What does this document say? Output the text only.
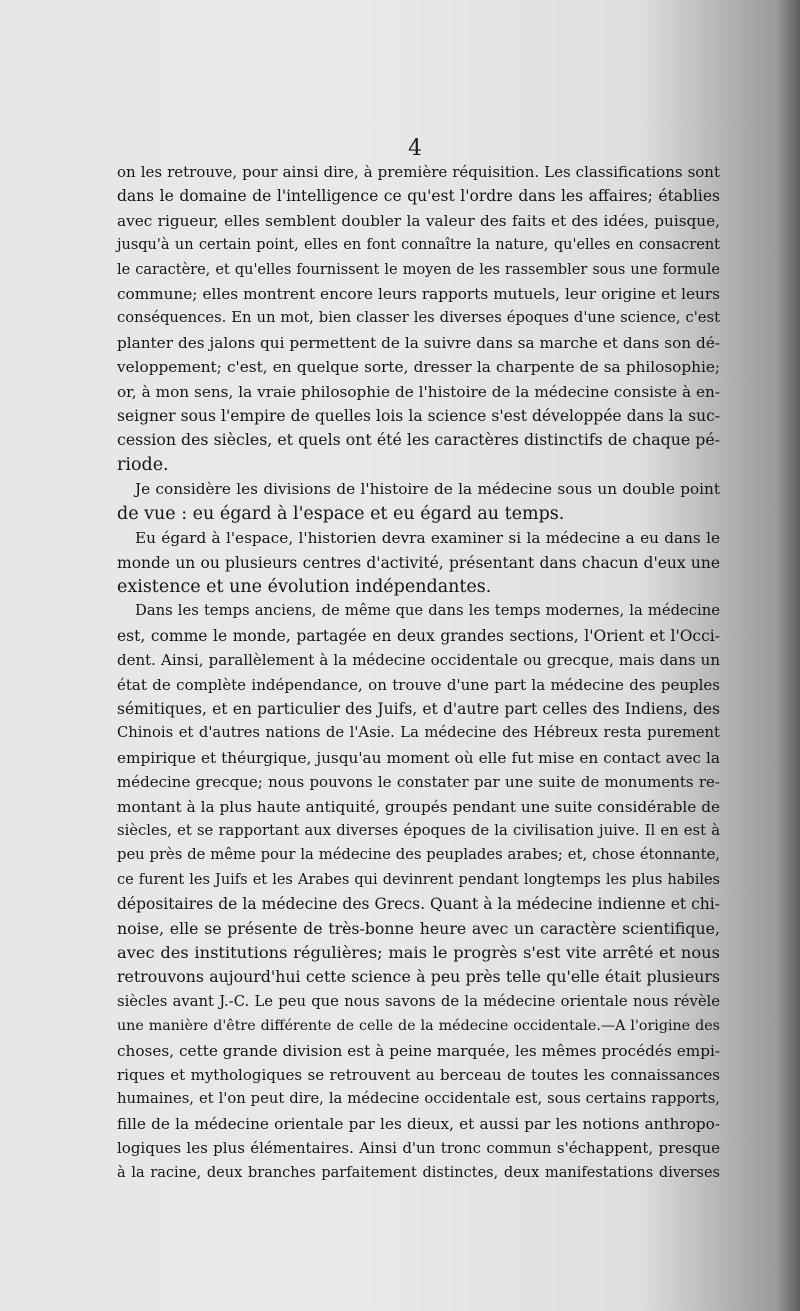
4
on les retrouve, pour ainsi dire, à première réquisition. Les classifications sont
dans le domaine de l'intelligence ce qu'est l'ordre dans les affaires; établies
avec rigueur, elles semblent doubler la valeur des faits et des idées, puisque,
jusqu'à un certain point, elles en font connaître la nature, qu'elles en consacrent
le caractère, et qu'elles fournissent le moyen de les rassembler sous une formule
commune; elles montrent encore leurs rapports mutuels, leur origine et leurs
conséquences. En un mot, bien classer les diverses époques d'une science, c'est
planter des jalons qui permettent de la suivre dans sa marche et dans son dé-
veloppement; c'est, en quelque sorte, dresser la charpente de sa philosophie;
or, à mon sens, la vraie philosophie de l'histoire de la médecine consiste à en-
seigner sous l'empire de quelles lois la science s'est développée dans la suc-
cession des siècles, et quels ont été les caractères distinctifs de chaque pé-
riode.
Je considère les divisions de l'histoire de la médecine sous un double point
de vue : eu égard à l'espace et eu égard au temps.
Eu égard à l'espace, l'historien devra examiner si la médecine a eu dans le
monde un ou plusieurs centres d'activité, présentant dans chacun d'eux une
existence et une évolution indépendantes.
Dans les temps anciens, de même que dans les temps modernes, la médecine
est, comme le monde, partagée en deux grandes sections, l'Orient et l'Occi-
dent. Ainsi, parallèlement à la médecine occidentale ou grecque, mais dans un
état de complète indépendance, on trouve d'une part la médecine des peuples
sémitiques, et en particulier des Juifs, et d'autre part celles des Indiens, des
Chinois et d'autres nations de l'Asie. La médecine des Hébreux resta purement
empirique et théurgique, jusqu'au moment où elle fut mise en contact avec la
médecine grecque; nous pouvons le constater par une suite de monuments re-
montant à la plus haute antiquité, groupés pendant une suite considérable de
siècles, et se rapportant aux diverses époques de la civilisation juive. Il en est à
peu près de même pour la médecine des peuplades arabes; et, chose étonnante,
ce furent les Juifs et les Arabes qui devinrent pendant longtemps les plus habiles
dépositaires de la médecine des Grecs. Quant à la médecine indienne et chi-
noise, elle se présente de très-bonne heure avec un caractère scientifique,
avec des institutions régulières; mais le progrès s'est vite arrêté et nous
retrouvons aujourd'hui cette science à peu près telle qu'elle était plusieurs
siècles avant J.-C. Le peu que nous savons de la médecine orientale nous révèle
une manière d'être différente de celle de la médecine occidentale.—A l'origine des
choses, cette grande division est à peine marquée, les mêmes procédés empi-
riques et mythologiques se retrouvent au berceau de toutes les connaissances
humaines, et l'on peut dire, la médecine occidentale est, sous certains rapports,
fille de la médecine orientale par les dieux, et aussi par les notions anthropo-
logiques les plus élémentaires. Ainsi d'un tronc commun s'échappent, presque
à la racine, deux branches parfaitement distinctes, deux manifestations diverses
